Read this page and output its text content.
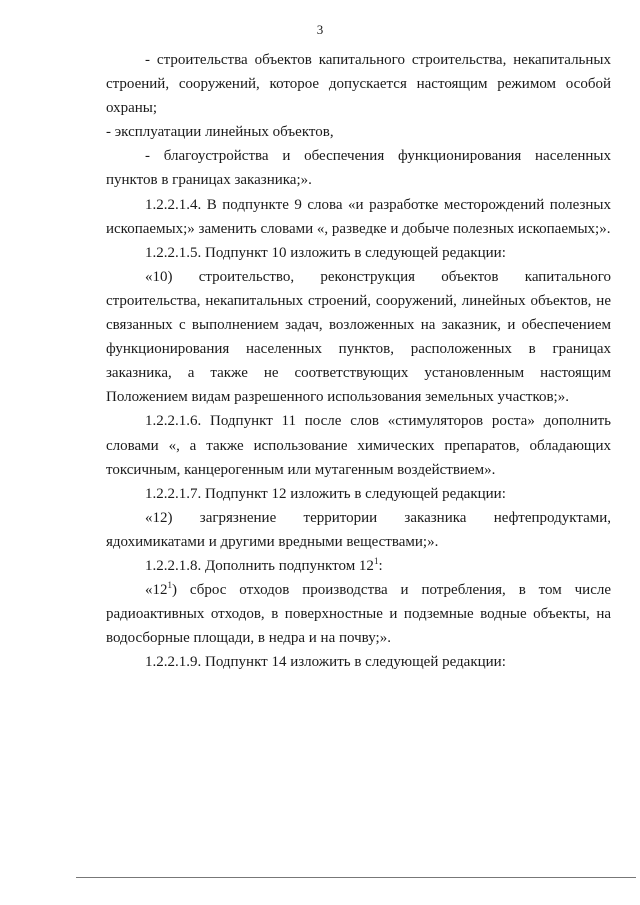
3

- строительства объектов капитального строительства, некапитальных строений, сооружений, которое допускается настоящим режимом особой охраны;

- эксплуатации линейных объектов,

- благоустройства и обеспечения функционирования населенных пунктов в границах заказника;».

1.2.2.1.4. В подпункте 9 слова «и разработке месторождений полезных ископаемых;» заменить словами «, разведке и добыче полезных ископаемых;».

1.2.2.1.5. Подпункт 10 изложить в следующей редакции:

«10) строительство, реконструкция объектов капитального строительства, некапитальных строений, сооружений, линейных объектов, не связанных с выполнением задач, возложенных на заказник, и обеспечением функционирования населенных пунктов, расположенных в границах заказника, а также не соответствующих установленным настоящим Положением видам разрешенного использования земельных участков;».

1.2.2.1.6. Подпункт 11 после слов «стимуляторов роста» дополнить словами «, а также использование химических препаратов, обладающих токсичным, канцерогенным или мутагенным воздействием».

1.2.2.1.7. Подпункт 12 изложить в следующей редакции:

«12) загрязнение территории заказника нефтепродуктами, ядохимикатами и другими вредными веществами;».

1.2.2.1.8. Дополнить подпунктом $12^1$:

«$12^1$) сброс отходов производства и потребления, в том числе радиоактивных отходов, в поверхностные и подземные водные объекты, на водосборные площади, в недра и на почву;».

1.2.2.1.9. Подпункт 14 изложить в следующей редакции:
